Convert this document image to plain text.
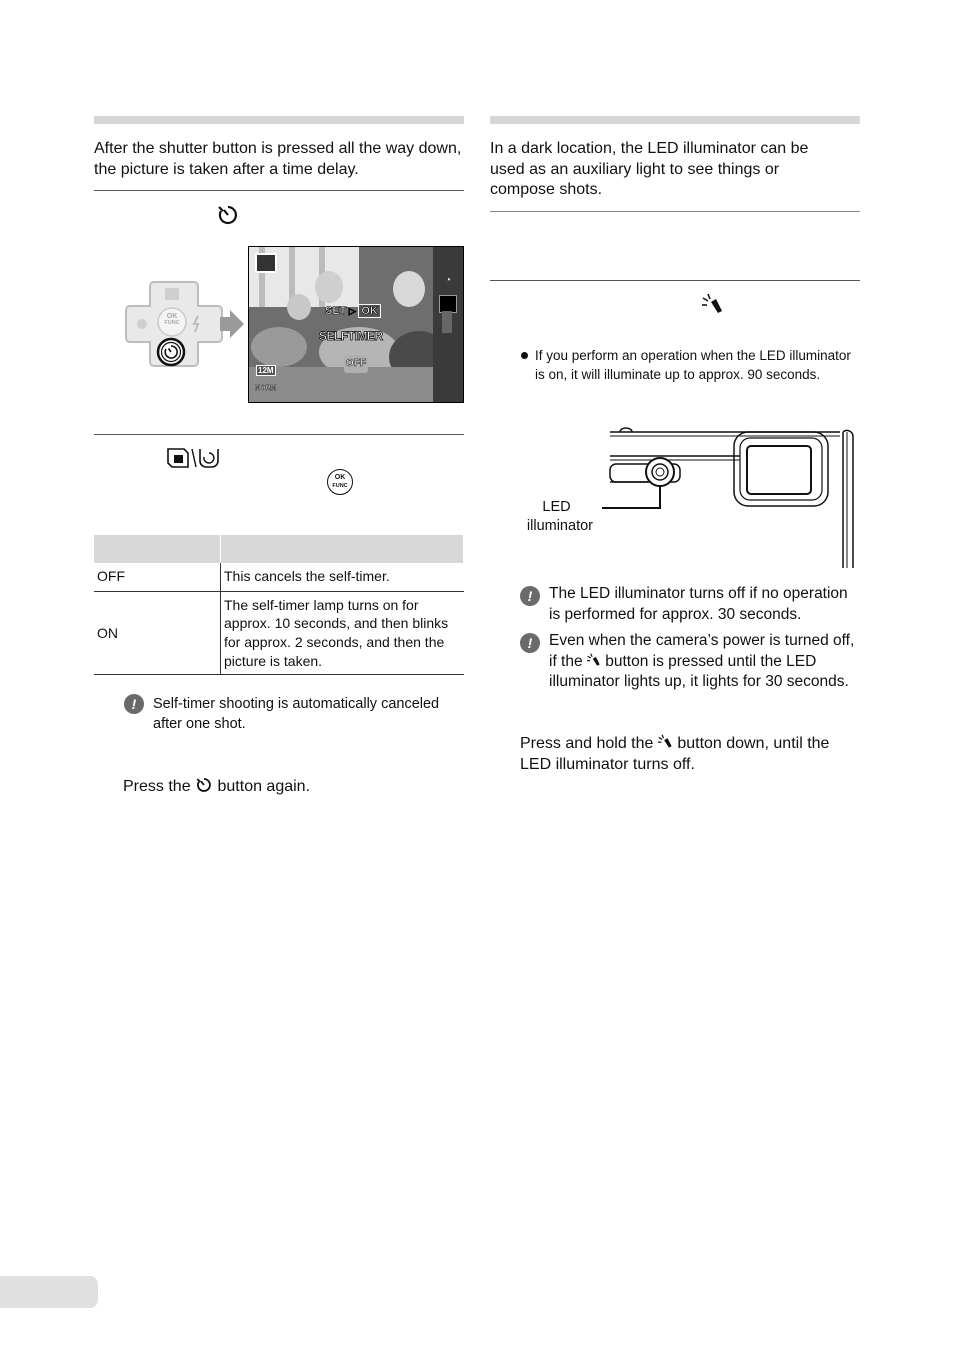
After the shutter button is pressed all the way down, the picture is taken after a time delay.
OK
FUNC
◔
SET ▷ OK
SELFTIMER
OFF
12M
NORM
OK
FUNC

OFF	This cancels the self-timer.
ON	The self-timer lamp turns on for approx. 10 seconds, and then blinks for approx. 2 seconds, and then the picture is taken.
!	Self-timer shooting is automatically canceled after one shot.
Press the button again.
In a dark location, the LED illuminator can be used as an auxiliary light to see things or compose shots.
If you perform an operation when the LED illuminator is on, it will illuminate up to approx. 90 seconds.
LED
illuminator
!	The LED illuminator turns off if no operation is performed for approx. 30 seconds.
!	Even when the camera’s power is turned off, if the button is pressed until the LED illuminator lights up, it lights for 30 seconds.
Press and hold the button down, until the LED illuminator turns off.
